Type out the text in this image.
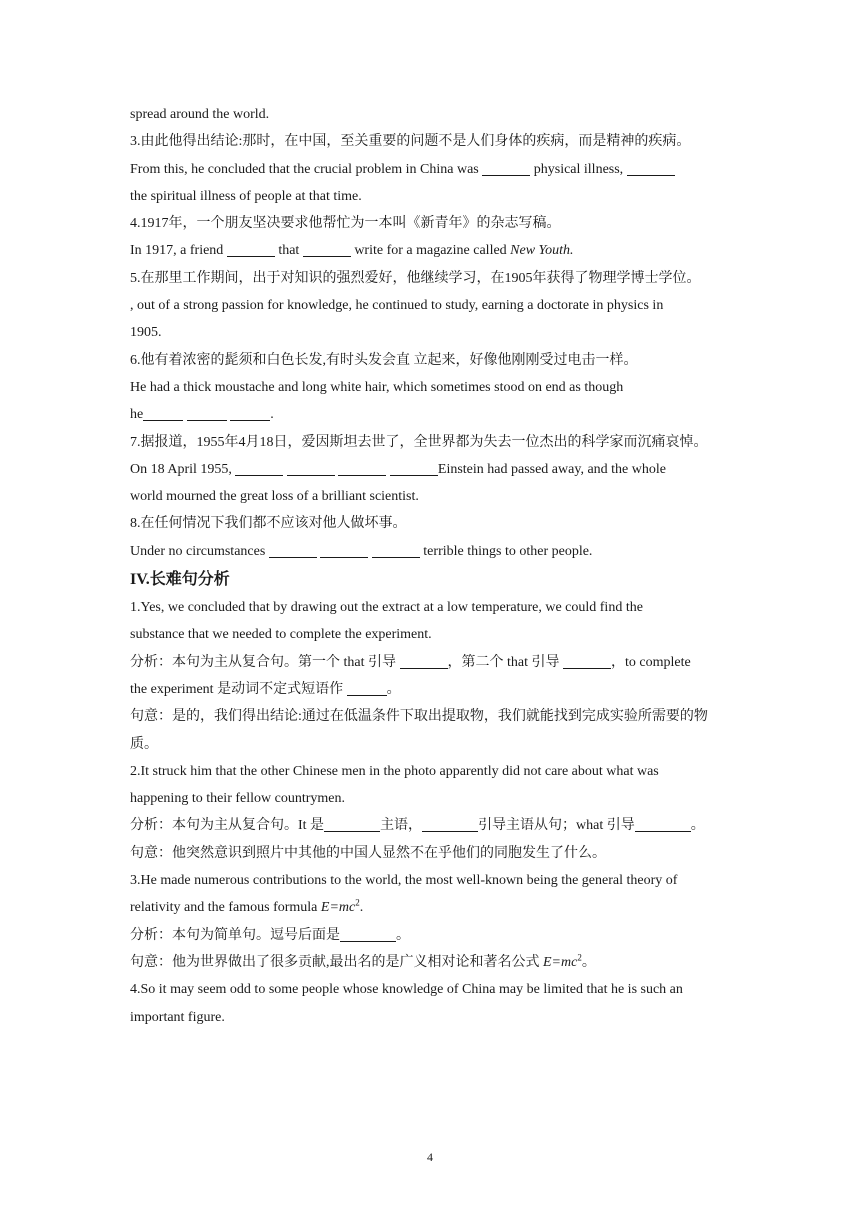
spread around the world.
3.由此他得出结论:那时，在中国，至关重要的问题不是人们身体的疾病，而是精神的疾病。
From this, he concluded that the crucial problem in China was	physical illness,
the spiritual illness of people at that time.
4.1917年，一个朋友坚决要求他帮忙为一本叫《新青年》的杂志写稿。
In 1917, a friend	that	write for a magazine called New Youth.
5.在那里工作期间，出于对知识的强烈爱好，他继续学习，在1905年获得了物理学博士学位。
, out of a strong passion for knowledge, he continued to study, earning a doctorate in physics in
1905.
6.他有着浓密的髭须和白色长发,有时头发会直 立起来，好像他刚刚受过电击一样。
He had a thick moustache and long white hair, which sometimes stood on end as though
he	.
7.据报道，1955年4月18日，爱因斯坦去世了，全世界都为失去一位杰出的科学家而沉痛哀悼。
On 18 April 1955,	Einstein had passed away, and the whole
world mourned the great loss of a brilliant scientist.
8.在任何情况下我们都不应该对他人做坏事。
Under no circumstances	terrible things to other people.
IV.长难句分析
1.Yes, we concluded that by drawing out the extract at a low temperature, we could find the
substance that we needed to complete the experiment.
分析：本句为主从复合句。第一个 that 引导	，第二个 that 引导	，to complete
the experiment 是动词不定式短语作	。
句意：是的，我们得出结论:通过在低温条件下取出提取物，我们就能找到完成实验所需要的物质。
2.It struck him that the other Chinese men in the photo apparently did not care about what was
happening to their fellow countrymen.
分析：本句为主从复合句。It 是	主语，	引导主语从句；what 引导	。
句意：他突然意识到照片中其他的中国人显然不在乎他们的同胞发生了什么。
3.He made numerous contributions to the world, the most well-known being the general theory of
relativity and the famous formula $E=mc^2$.
分析：本句为简单句。逗号后面是	。
句意：他为世界做出了很多贡献,最出名的是广义相对论和著名公式 $E=mc^2$。
4.So it may seem odd to some people whose knowledge of China may be limited that he is such an
important figure.
4
